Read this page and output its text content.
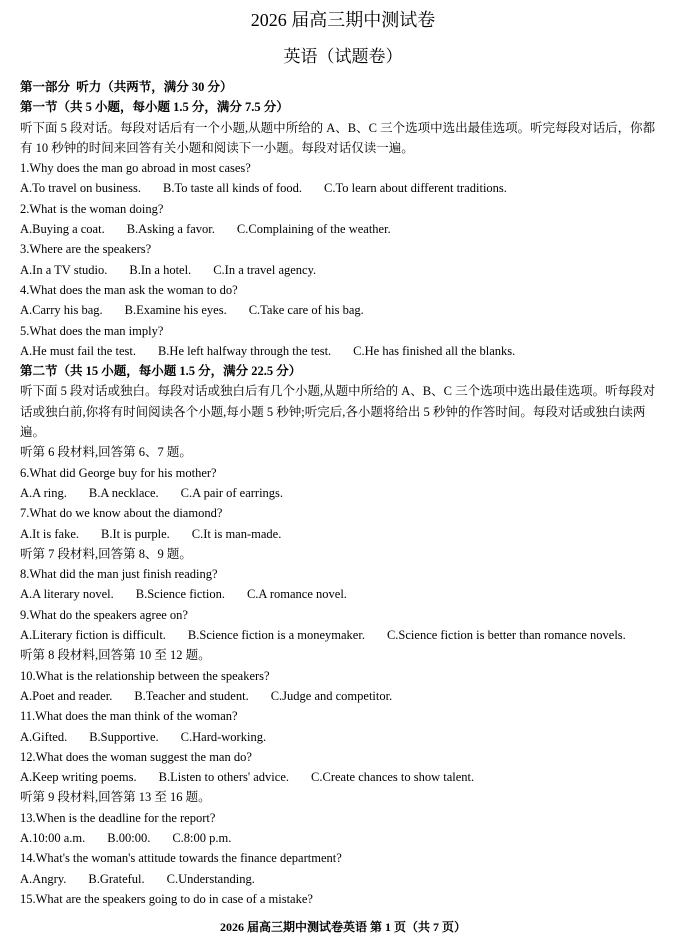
2026 届高三期中测试卷
英语（试题卷）
第一部分  听力（共两节，满分 30 分）
第一节（共 5 小题，每小题 1.5 分，满分 7.5 分）
听下面 5 段对话。每段对话后有一个小题,从题中所给的 A、B、C 三个选项中选出最佳选项。听完每段对话后，你都有 10 秒钟的时间来回答有关小题和阅读下一小题。每段对话仅读一遍。
1.Why does the man go abroad in most cases?
A.To travel on business. B.To taste all kinds of food. C.To learn about different traditions.
2.What is the woman doing?
A.Buying a coat. B.Asking a favor. C.Complaining of the weather.
3.Where are the speakers?
A.In a TV studio. B.In a hotel. C.In a travel agency.
4.What does the man ask the woman to do?
A.Carry his bag. B.Examine his eyes. C.Take care of his bag.
5.What does the man imply?
A.He must fail the test. B.He left halfway through the test. C.He has finished all the blanks.
第二节（共 15 小题，每小题 1.5 分，满分 22.5 分）
听下面 5 段对话或独白。每段对话或独白后有几个小题,从题中所给的 A、B、C 三个选项中选出最佳选项。听每段对话或独白前,你将有时间阅读各个小题,每小题 5 秒钟;听完后,各小题将给出 5 秒钟的作答时间。每段对话或独白读两遍。
听第 6 段材料,回答第 6、7 题。
6.What did George buy for his mother?
A.A ring. B.A necklace. C.A pair of earrings.
7.What do we know about the diamond?
A.It is fake. B.It is purple. C.It is man-made.
听第 7 段材料,回答第 8、9 题。
8.What did the man just finish reading?
A.A literary novel. B.Science fiction. C.A romance novel.
9.What do the speakers agree on?
A.Literary fiction is difficult. B.Science fiction is a moneymaker. C.Science fiction is better than romance novels.
听第 8 段材料,回答第 10 至 12 题。
10.What is the relationship between the speakers?
A.Poet and reader. B.Teacher and student. C.Judge and competitor.
11.What does the man think of the woman?
A.Gifted. B.Supportive. C.Hard-working.
12.What does the woman suggest the man do?
A.Keep writing poems. B.Listen to others' advice. C.Create chances to show talent.
听第 9 段材料,回答第 13 至 16 题。
13.When is the deadline for the report?
A.10:00 a.m. B.00:00. C.8:00 p.m.
14.What's the woman's attitude towards the finance department?
A.Angry. B.Grateful. C.Understanding.
15.What are the speakers going to do in case of a mistake?
2026 届高三期中测试卷英语 第 1 页（共 7 页）
